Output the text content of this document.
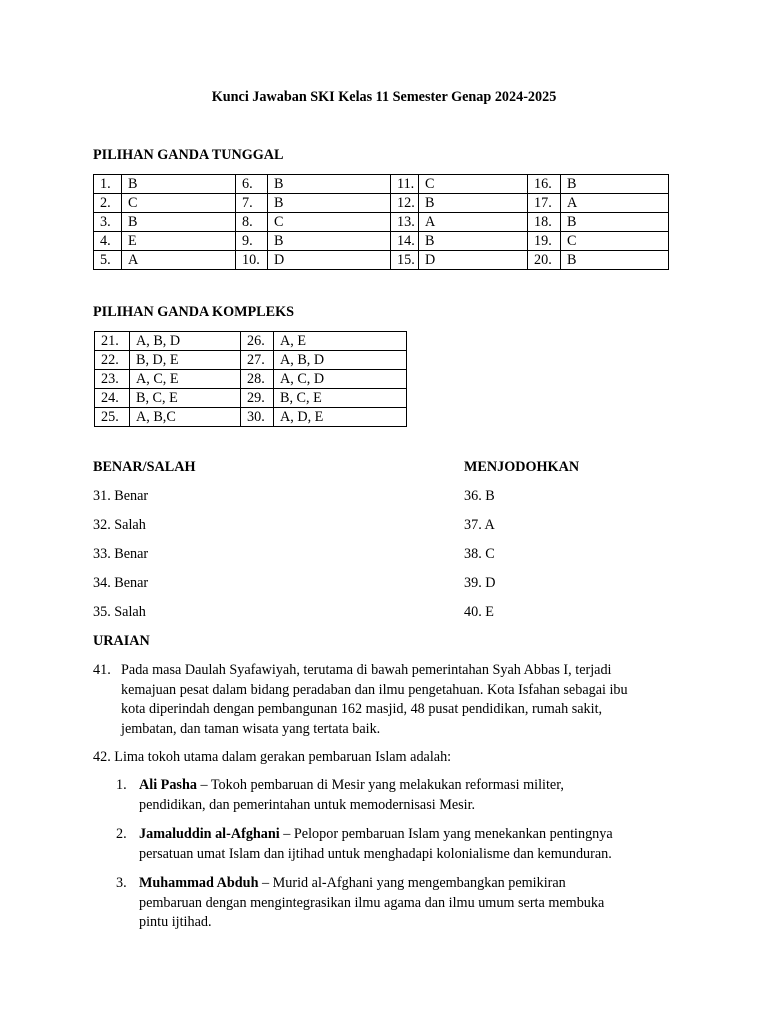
Kunci Jawaban SKI Kelas 11 Semester Genap 2024-2025
PILIHAN GANDA TUNGGAL
1.	B	6.	B	11.	C	16.	B
2.	C	7.	B	12.	B	17.	A
3.	B	8.	C	13.	A	18.	B
4.	E	9.	B	14.	B	19.	C
5.	A	10.	D	15.	D	20.	B
PILIHAN GANDA KOMPLEKS
21.	A, B, D	26.	A, E
22.	B, D, E	27.	A, B, D
23.	A, C, E	28.	A, C, D
24.	B, C, E	29.	B, C, E
25.	A, B,C	30.	A, D, E
BENAR/SALAH	MENJODOHKAN
31. Benar
32. Salah
33. Benar
34. Benar
35. Salah
36. B
37. A
38. C
39. D
40. E
URAIAN
41. Pada masa Daulah Syafawiyah, terutama di bawah pemerintahan Syah Abbas I, terjadi
kemajuan pesat dalam bidang peradaban dan ilmu pengetahuan. Kota Isfahan sebagai ibu
kota diperindah dengan pembangunan 162 masjid, 48 pusat pendidikan, rumah sakit,
jembatan, dan taman wisata yang tertata baik.
42. Lima tokoh utama dalam gerakan pembaruan Islam adalah:
1. Ali Pasha – Tokoh pembaruan di Mesir yang melakukan reformasi militer,
pendidikan, dan pemerintahan untuk memodernisasi Mesir.
2. Jamaluddin al-Afghani – Pelopor pembaruan Islam yang menekankan pentingnya
persatuan umat Islam dan ijtihad untuk menghadapi kolonialisme dan kemunduran.
3. Muhammad Abduh – Murid al-Afghani yang mengembangkan pemikiran
pembaruan dengan mengintegrasikan ilmu agama dan ilmu umum serta membuka
pintu ijtihad.
